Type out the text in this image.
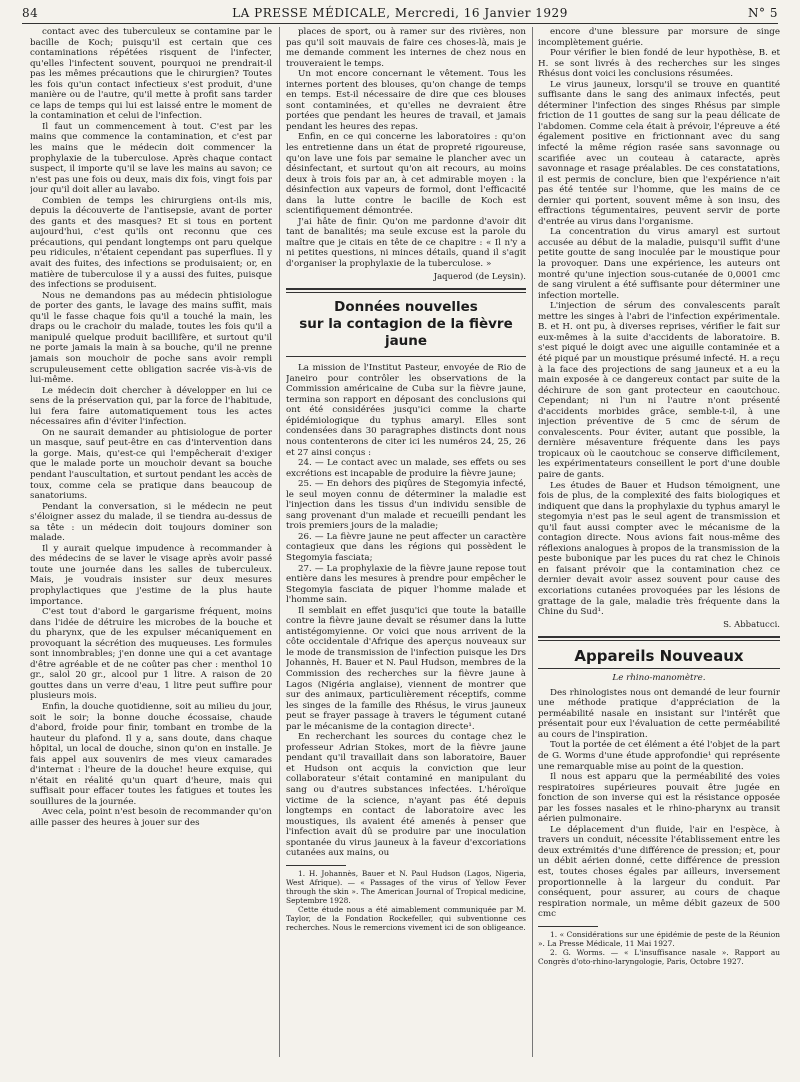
84	LA PRESSE MÉDICALE, Mercredi, 16 Janvier 1929	N° 5

contact avec des tuberculeux se contamine par le bacille de Koch; puisqu'il est certain que ces contaminations répétées risquent de l'infecter, qu'elles l'infectent souvent, pourquoi ne prendrait-il pas les mêmes précautions que le chirurgien? Toutes les fois qu'un contact infectieux s'est produit, d'une manière ou de l'autre, qu'il mette à profit sans tarder ce laps de temps qui lui est laissé entre le moment de la contamination et celui de l'infection.

Il faut un commencement à tout. C'est par les mains que commence la contamination, et c'est par les mains que le médecin doit commencer la prophylaxie de la tuberculose. Après chaque contact suspect, il importe qu'il se lave les mains au savon; ce n'est pas une fois ou deux, mais dix fois, vingt fois par jour qu'il doit aller au lavabo.

Combien de temps les chirurgiens ont-ils mis, depuis la découverte de l'antisepsie, avant de porter des gants et des masques? Et si tous en portent aujourd'hui, c'est qu'ils ont reconnu que ces précautions, qui pendant longtemps ont paru quelque peu ridicules, n'étaient cependant pas superflues. Il y avait des fuites, des infections se produisaient; or, en matière de tuberculose il y a aussi des fuites, puisque des infections se produisent.

Nous ne demandons pas au médecin phtisiologue de porter des gants, le lavage des mains suffit, mais qu'il le fasse chaque fois qu'il a touché la main, les draps ou le crachoir du malade, toutes les fois qu'il a manipulé quelque produit bacillifère, et surtout qu'il ne porte jamais la main à sa bouche, qu'il ne prenne jamais son mouchoir de poche sans avoir rempli scrupuleusement cette obligation sacrée vis-à-vis de lui-même.

Le médecin doit chercher à développer en lui ce sens de la préservation qui, par la force de l'habitude, lui fera faire automatiquement tous les actes nécessaires afin d'éviter l'infection.

On ne saurait demander au phtisiologue de porter un masque, sauf peut-être en cas d'intervention dans la gorge. Mais, qu'est-ce qui l'empêcherait d'exiger que le malade porte un mouchoir devant sa bouche pendant l'auscultation, et surtout pendant les accès de toux, comme cela se pratique dans beaucoup de sanatoriums.

Pendant la conversation, si le médecin ne peut s'éloigner assez du malade, il se tiendra au-dessus de sa tête : un médecin doit toujours dominer son malade.

Il y aurait quelque impudence à recommander à des médecins de se laver le visage après avoir passé toute une journée dans les salles de tuberculeux. Mais, je voudrais insister sur deux mesures prophylactiques que j'estime de la plus haute importance.

C'est tout d'abord le gargarisme fréquent, moins dans l'idée de détruire les microbes de la bouche et du pharynx, que de les expulser mécaniquement en provoquant la sécrétion des muqueuses. Les formules sont innombrables; j'en donne une qui a cet avantage d'être agréable et de ne coûter pas cher : menthol 10 gr., salol 20 gr., alcool pur 1 litre. A raison de 20 gouttes dans un verre d'eau, 1 litre peut suffire pour plusieurs mois.

Enfin, la douche quotidienne, soit au milieu du jour, soit le soir; la bonne douche écossaise, chaude d'abord, froide pour finir, tombant en trombe de la hauteur du plafond. Il y a, sans doute, dans chaque hôpital, un local de douche, sinon qu'on en installe. Je fais appel aux souvenirs de mes vieux camarades d'internat : l'heure de la douche! heure exquise, qui n'était en réalité qu'un quart d'heure, mais qui suffisait pour effacer toutes les fatigues et toutes les souillures de la journée.

Avec cela, point n'est besoin de recommander qu'on aille passer des heures à jouer sur des

places de sport, ou à ramer sur des rivières, non pas qu'il soit mauvais de faire ces choses-là, mais je me demande comment les internes de chez nous en trouveraient le temps.

Un mot encore concernant le vêtement. Tous les internes portent des blouses, qu'on change de temps en temps. Est-il nécessaire de dire que ces blouses sont contaminées, et qu'elles ne devraient être portées que pendant les heures de travail, et jamais pendant les heures des repas.

Enfin, en ce qui concerne les laboratoires : qu'on les entretienne dans un état de propreté rigoureuse, qu'on lave une fois par semaine le plancher avec un désinfectant, et surtout qu'on ait recours, au moins deux à trois fois par an, à cet admirable moyen : la désinfection aux vapeurs de formol, dont l'efficacité dans la lutte contre le bacille de Koch est scientifiquement démontrée.

J'ai hâte de finir. Qu'on me pardonne d'avoir dit tant de banalités; ma seule excuse est la parole du maître que je citais en tête de ce chapitre : « Il n'y a ni petites questions, ni minces détails, quand il s'agit d'organiser la prophylaxie de la tuberculose. »

Jaquerod (de Leysin).
Données nouvelles
sur la contagion de la fièvre jaune

La mission de l'Institut Pasteur, envoyée de Rio de Janeiro pour contrôler les observations de la Commission américaine de Cuba sur la fièvre jaune, termina son rapport en déposant des conclusions qui ont été considérées jusqu'ici comme la charte épidémiologique du typhus amaryl. Elles sont condensées dans 30 paragraphes distincts dont nous nous contenterons de citer ici les numéros 24, 25, 26 et 27 ainsi conçus :

24. — Le contact avec un malade, ses effets ou ses excrétions est incapable de produire la fièvre jaune;

25. — En dehors des piqûres de Stegomyia infecté, le seul moyen connu de déterminer la maladie est l'injection dans les tissus d'un individu sensible de sang provenant d'un malade et recueilli pendant les trois premiers jours de la maladie;

26. — La fièvre jaune ne peut affecter un caractère contagieux que dans les régions qui possèdent le Stegomyia fasciata;

27. — La prophylaxie de la fièvre jaune repose tout entière dans les mesures à prendre pour empêcher le Stegomyia fasciata de piquer l'homme malade et l'homme sain.

Il semblait en effet jusqu'ici que toute la bataille contre la fièvre jaune devait se résumer dans la lutte antistégomyienne. Or voici que nous arrivent de la côte occidentale d'Afrique des aperçus nouveaux sur le mode de transmission de l'infection puisque les Drs Johannès, H. Bauer et N. Paul Hudson, membres de la Commission des recherches sur la fièvre jaune à Lagos (Nigéria anglaise), viennent de montrer que sur des animaux, particulièrement réceptifs, comme les singes de la famille des Rhésus, le virus jauneux peut se frayer passage à travers le tégument cutané par le mécanisme de la contagion directe¹.

En recherchant les sources du contage chez le professeur Adrian Stokes, mort de la fièvre jaune pendant qu'il travaillait dans son laboratoire, Bauer et Hudson ont acquis la conviction que leur collaborateur s'était contaminé en manipulant du sang ou d'autres substances infectées. L'héroïque victime de la science, n'ayant pas été depuis longtemps en contact de laboratoire avec les moustiques, ils avaient été amenés à penser que l'infection avait dû se produire par une inoculation spontanée du virus jauneux à la faveur d'excoriations cutanées aux mains, ou

1. H. Johannès, Bauer et N. Paul Hudson (Lagos, Nigeria, West Afrique). — « Passages of the virus of Yellow Fever through the skin ». The American Journal of Tropical medicine, Septembre 1928.

Cette étude nous a été aimablement communiquée par M. Taylor, de la Fondation Rockefeller, qui subventionne ces recherches. Nous le remercions vivement ici de son obligeance.

encore d'une blessure par morsure de singe incomplètement guérie.

Pour vérifier le bien fondé de leur hypothèse, B. et H. se sont livrés à des recherches sur les singes Rhésus dont voici les conclusions résumées.

Le virus jauneux, lorsqu'il se trouve en quantité suffisante dans le sang des animaux infectés, peut déterminer l'infection des singes Rhésus par simple friction de 11 gouttes de sang sur la peau délicate de l'abdomen. Comme cela était à prévoir, l'épreuve a été également positive en frictionnant avec du sang infecté la même région rasée sans savonnage ou scarifiée avec un couteau à cataracte, après savonnage et rasage préalables. De ces constatations, il est permis de conclure, bien que l'expérience n'ait pas été tentée sur l'homme, que les mains de ce dernier qui portent, souvent même à son insu, des effractions tégumentaires, peuvent servir de porte d'entrée au virus dans l'organisme.

La concentration du virus amaryl est surtout accusée au début de la maladie, puisqu'il suffit d'une petite goutte de sang inoculée par le moustique pour la provoquer. Dans une expérience, les auteurs ont montré qu'une injection sous-cutanée de 0,0001 cmc de sang virulent a été suffisante pour déterminer une infection mortelle.

L'injection de sérum des convalescents paraît mettre les singes à l'abri de l'infection expérimentale. B. et H. ont pu, à diverses reprises, vérifier le fait sur eux-mêmes à la suite d'accidents de laboratoire. B. s'est piqué le doigt avec une aiguille contaminée et a été piqué par un moustique présumé infecté. H. a reçu à la face des projections de sang jauneux et a eu la main exposée à ce dangereux contact par suite de la déchirure de son gant protecteur en caoutchouc. Cependant; ni l'un ni l'autre n'ont présenté d'accidents morbides grâce, semble-t-il, à une injection préventive de 5 cmc de sérum de convalescents. Pour éviter, autant que possible, la dernière mésaventure fréquente dans les pays tropicaux où le caoutchouc se conserve difficilement, les expérimentateurs conseillent le port d'une double paire de gants.

Les études de Bauer et Hudson témoignent, une fois de plus, de la complexité des faits biologiques et indiquent que dans la prophylaxie du typhus amaryl le stegomyia n'est pas le seul agent de transmission et qu'il faut aussi compter avec le mécanisme de la contagion directe. Nous avions fait nous-même des réflexions analogues à propos de la transmission de la peste bubonique par les puces du rat chez le Chinois en faisant prévoir que la contamination chez ce dernier devait avoir assez souvent pour cause des excoriations cutanées provoquées par les lésions de grattage de la gale, maladie très fréquente dans la Chine du Sud¹.

S. Abbatucci.
Appareils Nouveaux
Le rhino-manomètre.

Des rhinologistes nous ont demandé de leur fournir une méthode pratique d'appréciation de la perméabilité nasale en insistant sur l'intérêt que présentait pour eux l'évaluation de cette perméabilité au cours de l'inspiration.

Tout la portée de cet élément a été l'objet de la part de G. Worms d'une étude approfondie¹ qui représente une remarquable mise au point de la question.

Il nous est apparu que la perméabilité des voies respiratoires supérieures pouvait être jugée en fonction de son inverse qui est la résistance opposée par les fosses nasales et le rhino-pharynx au transit aérien pulmonaire.

Le déplacement d'un fluide, l'air en l'espèce, à travers un conduit, nécessite l'établissement entre les deux extrémités d'une différence de pression; et, pour un débit aérien donné, cette différence de pression est, toutes choses égales par ailleurs, inversement proportionnelle à la largeur du conduit. Par conséquent, pour assurer, au cours de chaque respiration normale, un même débit gazeux de 500 cmc

1. « Considérations sur une épidémie de peste de la Réunion ». La Presse Médicale, 11 Mai 1927.

2. G. Worms. — « L'insuffisance nasale ». Rapport au Congrès d'oto-rhino-laryngologie, Paris, Octobre 1927.
